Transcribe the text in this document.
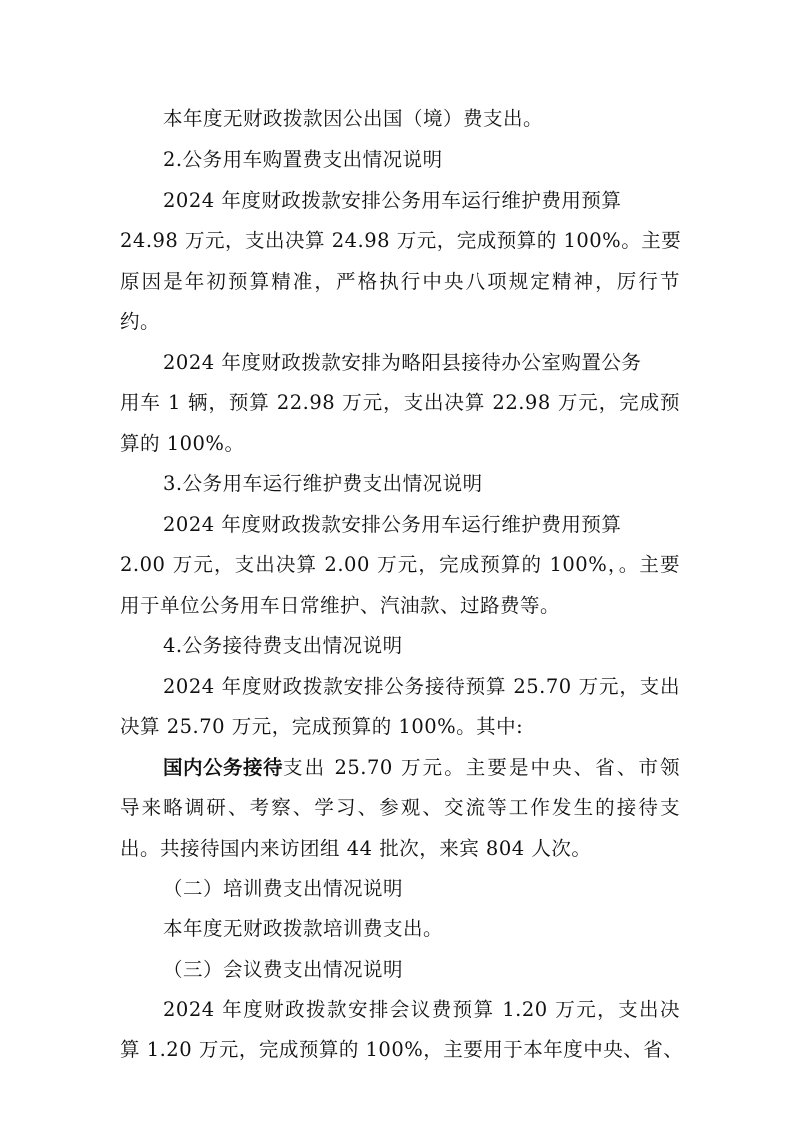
本年度无财政拨款因公出国（境）费支出。
2.公务用车购置费支出情况说明
2024 年度财政拨款安排公务用车运行维护费用预算
24.98 万元，支出决算 24.98 万元，完成预算的 100%。主要
原因是年初预算精准，严格执行中央八项规定精神，厉行节
约。
2024 年度财政拨款安排为略阳县接待办公室购置公务
用车 1 辆，预算 22.98 万元，支出决算 22.98 万元，完成预
算的 100%。
3.公务用车运行维护费支出情况说明
2024 年度财政拨款安排公务用车运行维护费用预算
2.00 万元，支出决算 2.00 万元，完成预算的 100%，。主要
用于单位公务用车日常维护、汽油款、过路费等。
4.公务接待费支出情况说明
2024 年度财政拨款安排公务接待预算 25.70 万元，支出
决算 25.70 万元，完成预算的 100%。其中:
国内公务接待 支出 25.70 万元。主要是中央、省、市领
导来略调研、考察、学习、参观、交流等工作发生的接待支
出。共接待国内来访团组 44 批次，来宾 804 人次。
（二）培训费支出情况说明
本年度无财政拨款培训费支出。
（三）会议费支出情况说明
2024 年度财政拨款安排会议费预算 1.20 万元，支出决
算 1.20 万元，完成预算的 100%，主要用于本年度中央、省、
